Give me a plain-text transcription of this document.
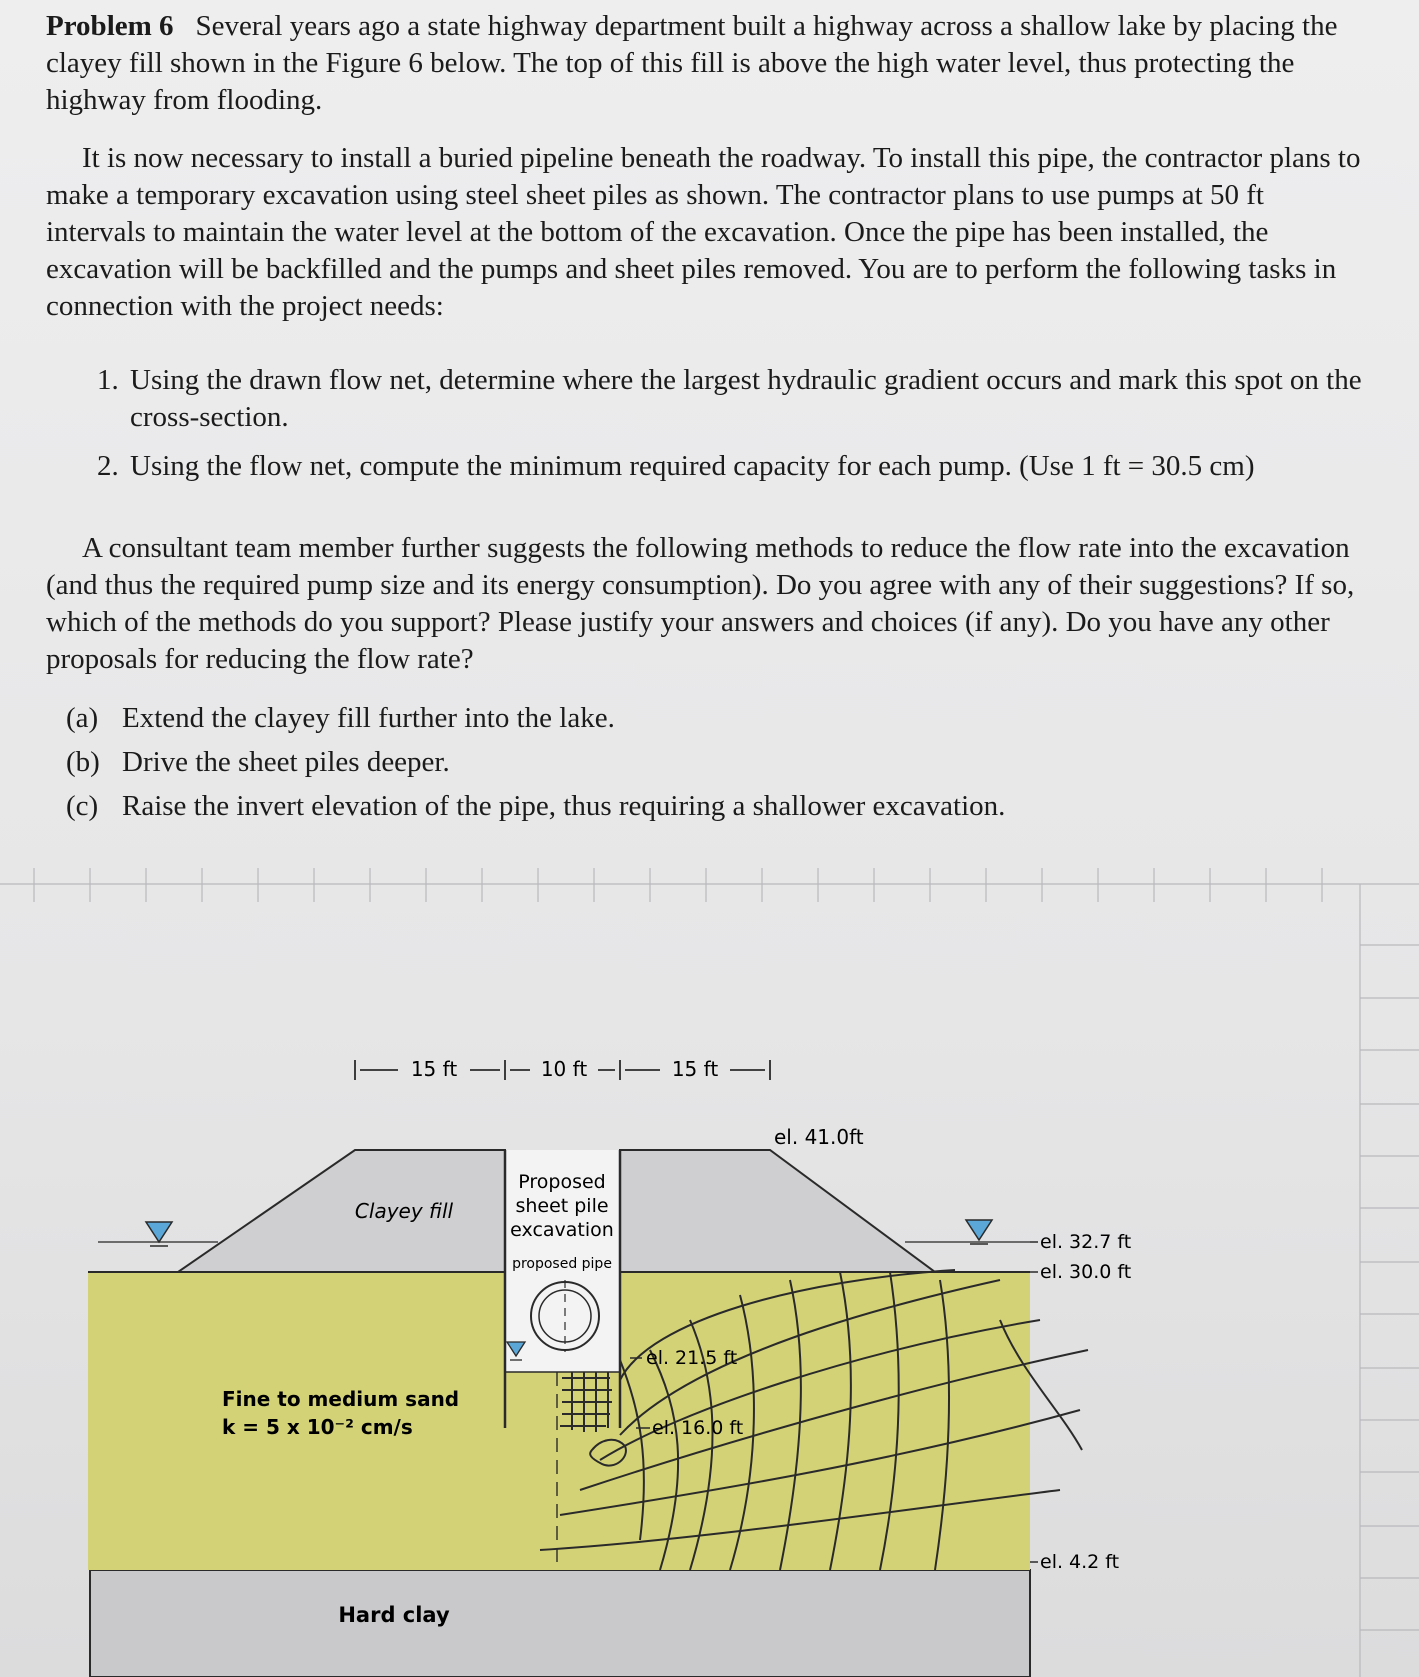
Problem 6 Several years ago a state highway department built a highway across a shallow lake by placing the clayey fill shown in the Figure 6 below. The top of this fill is above the high water level, thus protecting the highway from flooding.
It is now necessary to install a buried pipeline beneath the roadway. To install this pipe, the contractor plans to make a temporary excavation using steel sheet piles as shown. The contractor plans to use pumps at 50 ft intervals to maintain the water level at the bottom of the excavation. Once the pipe has been installed, the excavation will be backfilled and the pumps and sheet piles removed. You are to perform the following tasks in connection with the project needs:
1. Using the drawn flow net, determine where the largest hydraulic gradient occurs and mark this spot on the cross-section.
2. Using the flow net, compute the minimum required capacity for each pump. (Use 1 ft = 30.5 cm)
A consultant team member further suggests the following methods to reduce the flow rate into the excavation (and thus the required pump size and its energy consumption). Do you agree with any of their suggestions? If so, which of the methods do you support? Please justify your answers and choices (if any). Do you have any other proposals for reducing the flow rate?
(a) Extend the clayey fill further into the lake.
(b) Drive the sheet piles deeper.
(c) Raise the invert elevation of the pipe, thus requiring a shallower excavation.
15 ft	10 ft	15 ft
Clayey fill
Proposed
sheet pile
excavation
proposed pipe
Fine to medium sand
k = 5 x 10⁻² cm/s
Hard clay
el. 41.0ft
el. 32.7 ft
el. 30.0 ft
el. 21.5 ft
el. 16.0 ft
el. 4.2 ft
